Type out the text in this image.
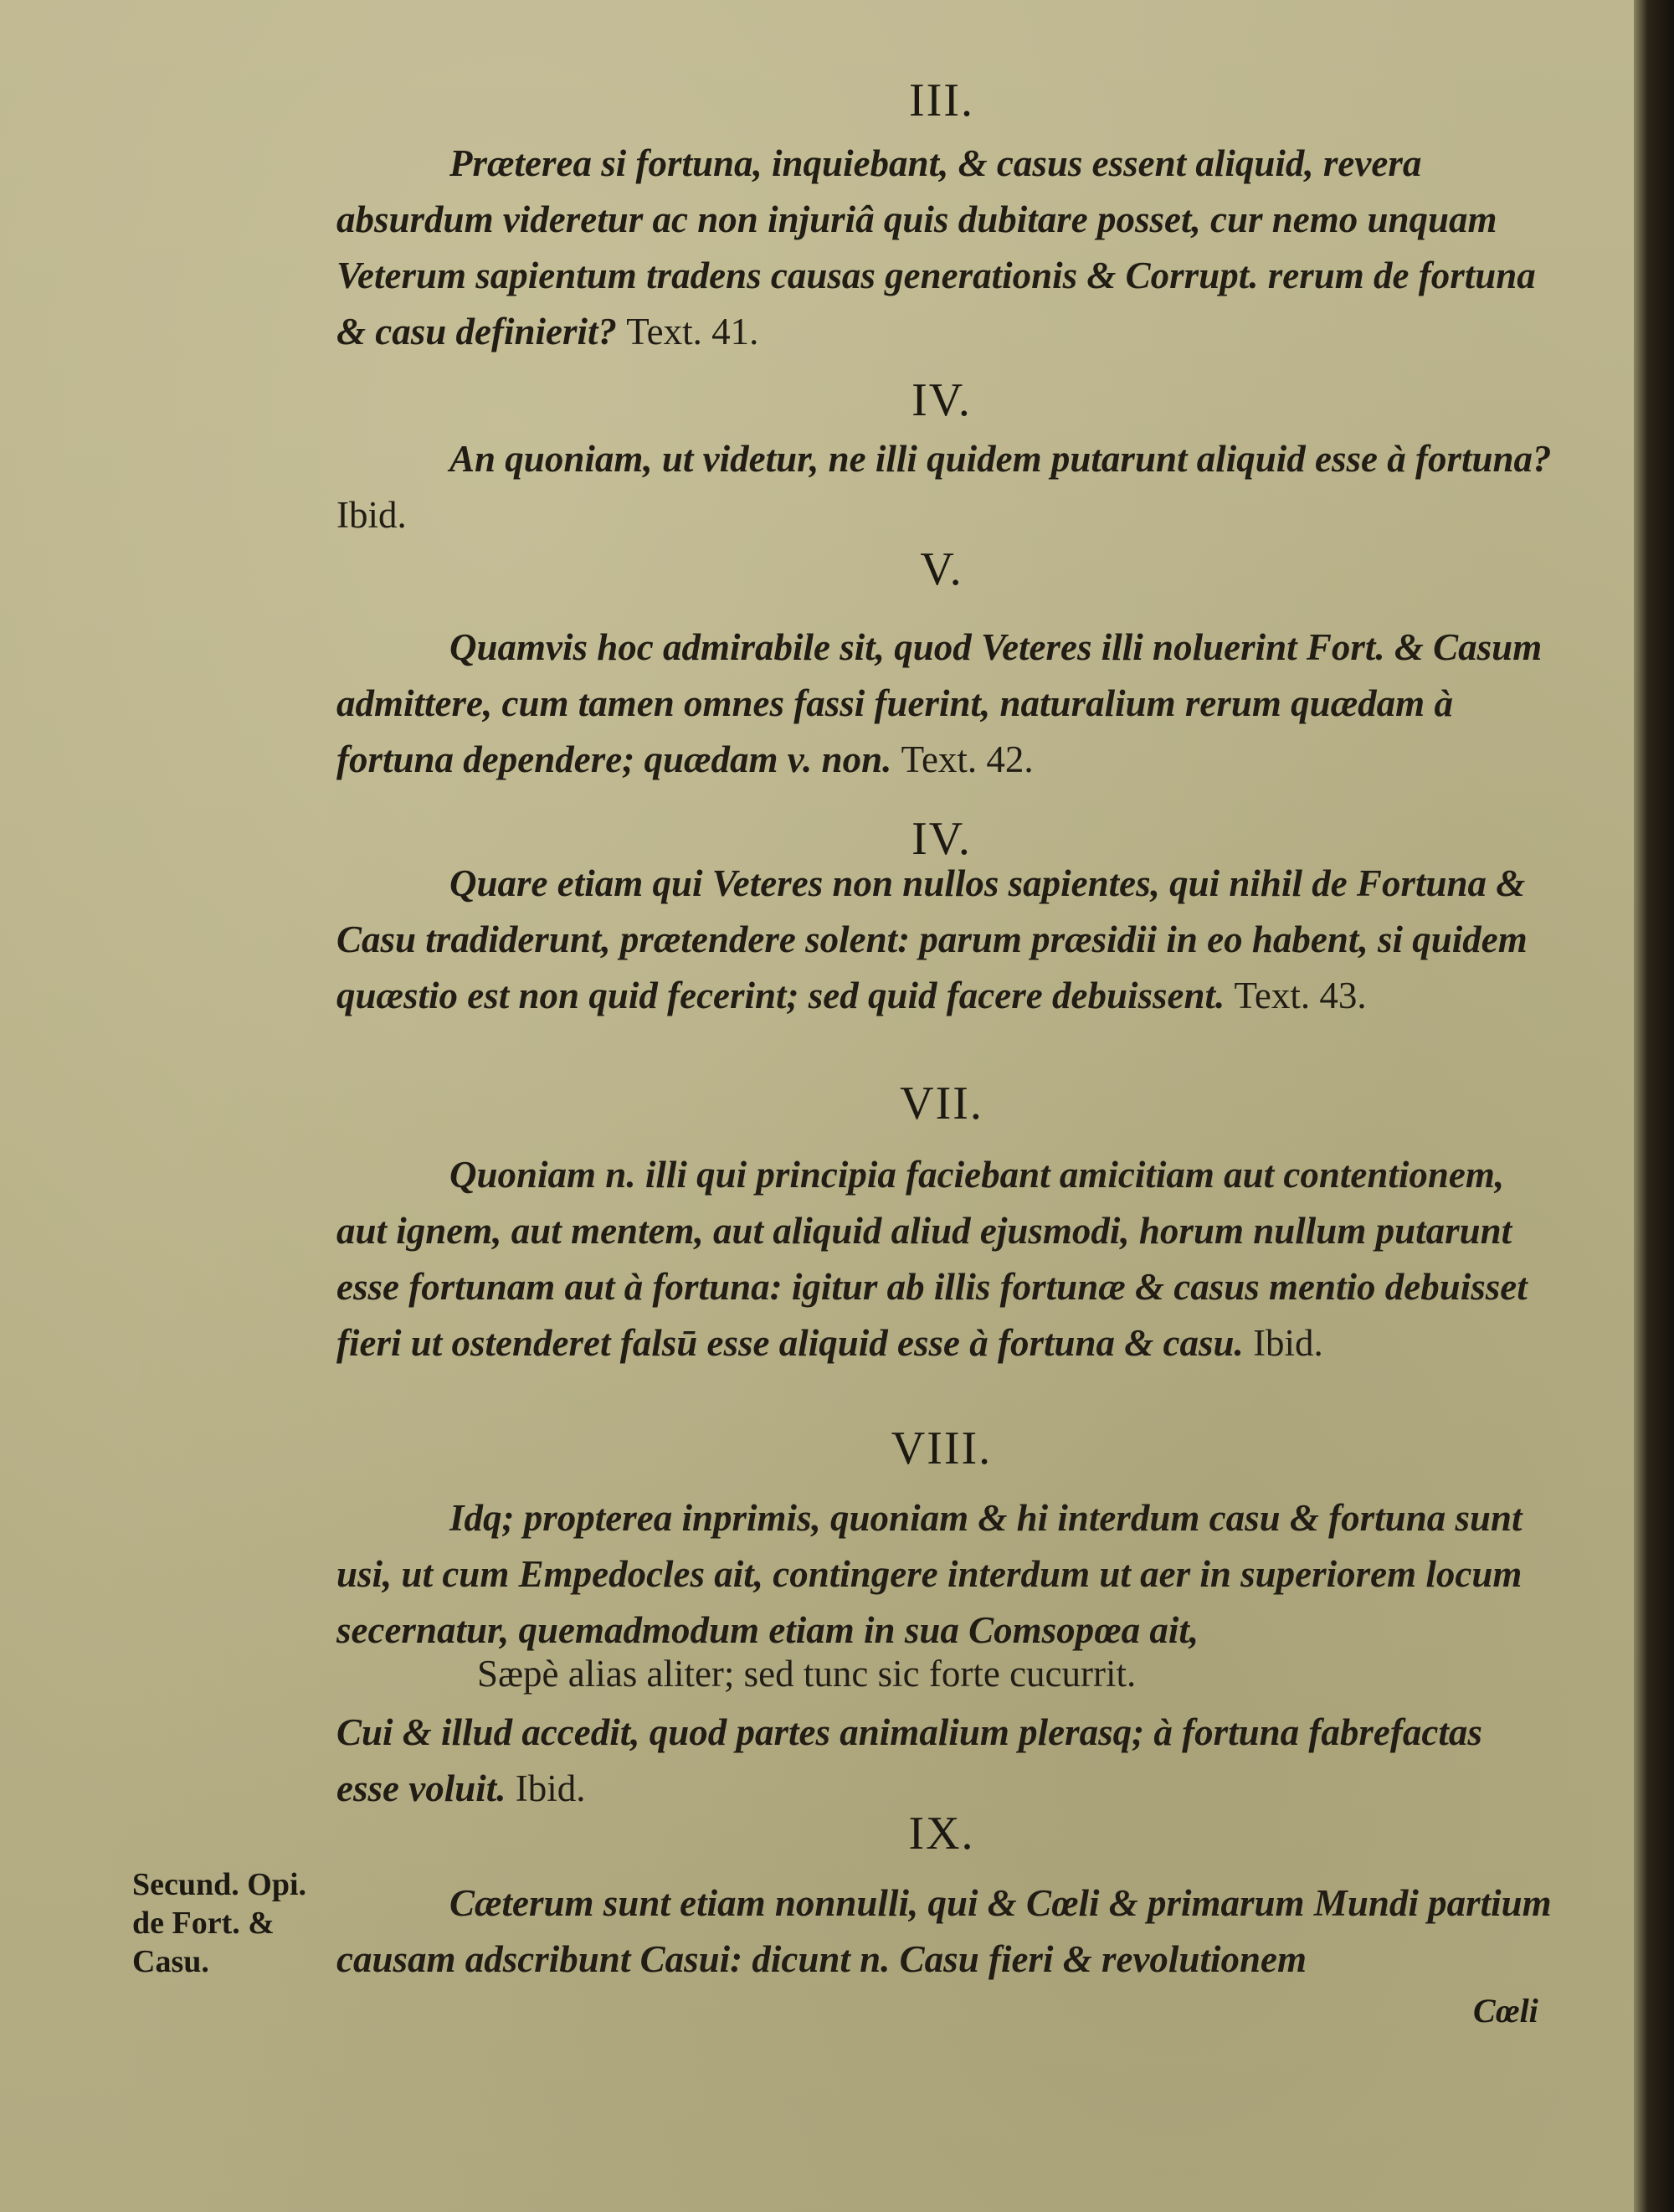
III.
Præterea si fortuna, inquiebant, & casus essent aliquid, revera absurdum videretur ac non injuriâ quis dubitare posset, cur nemo unquam Veterum sapientum tradens causas generationis & Corrupt. rerum de fortuna & casu definierit? Text. 41.
IV.
An quoniam, ut videtur, ne illi quidem putarunt aliquid esse à fortuna? Ibid.
V.
Quamvis hoc admirabile sit, quod Veteres illi noluerint Fort. & Casum admittere, cum tamen omnes fassi fuerint, naturalium rerum quædam à fortuna dependere; quædam v. non. Text. 42.
IV.
Quare etiam qui Veteres non nullos sapientes, qui nihil de Fortuna & Casu tradiderunt, prætendere solent: parum præsidii in eo habent, si quidem quæstio est non quid fecerint; sed quid facere debuissent. Text. 43.
VII.
Quoniam n. illi qui principia faciebant amicitiam aut contentionem, aut ignem, aut mentem, aut aliquid aliud ejusmodi, horum nullum putarunt esse fortunam aut à fortuna: igitur ab illis fortunæ & casus mentio debuisset fieri ut ostenderet falsū esse aliquid esse à fortuna & casu. Ibid.
VIII.
Idq; propterea inprimis, quoniam & hi interdum casu & fortuna sunt usi, ut cum Empedocles ait, contingere interdum ut aer in superiorem locum secernatur, quemadmodum etiam in sua Comsopœa ait,
Sæpè alias aliter; sed tunc sic forte cucurrit.
Cui & illud accedit, quod partes animalium plerasq; à fortuna fabrefactas esse voluit. Ibid.
IX.
Cæterum sunt etiam nonnulli, qui & Cœli & primarum Mundi partium causam adscribunt Casui: dicunt n. Casu fieri & revolutionem
Secund. Opi. de Fort. & Casu.
Cœli
